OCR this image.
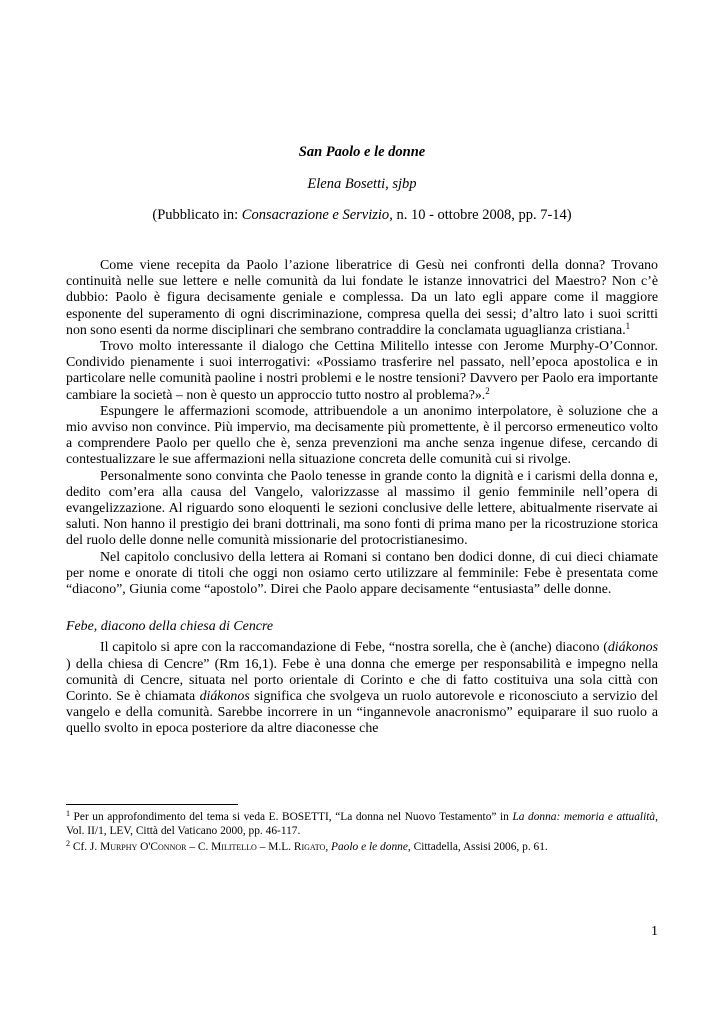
San Paolo e le donne
Elena Bosetti, sjbp
(Pubblicato in: Consacrazione e Servizio, n. 10 - ottobre 2008, pp. 7-14)

Come viene recepita da Paolo l’azione liberatrice di Gesù nei confronti della donna? Trovano continuità nelle sue lettere e nelle comunità da lui fondate le istanze innovatrici del Maestro? Non c’è dubbio: Paolo è figura decisamente geniale e complessa. Da un lato egli appare come il maggiore esponente del superamento di ogni discriminazione, compresa quella dei sessi; d’altro lato i suoi scritti non sono esenti da norme disciplinari che sembrano contraddire la conclamata uguaglianza cristiana.$^1$

Trovo molto interessante il dialogo che Cettina Militello intesse con Jerome Murphy-O’Connor. Condivido pienamente i suoi interrogativi: «Possiamo trasferire nel passato, nell’epoca apostolica e in particolare nelle comunità paoline i nostri problemi e le nostre tensioni? Davvero per Paolo era importante cambiare la società – non è questo un approccio tutto nostro al problema?».$^2$

Espungere le affermazioni scomode, attribuendole a un anonimo interpolatore, è soluzione che a mio avviso non convince. Più impervio, ma decisamente più promettente, è il percorso ermeneutico volto a comprendere Paolo per quello che è, senza prevenzioni ma anche senza ingenue difese, cercando di contestualizzare le sue affermazioni nella situazione concreta delle comunità cui si rivolge.

Personalmente sono convinta che Paolo tenesse in grande conto la dignità e i carismi della donna e, dedito com’era alla causa del Vangelo, valorizzasse al massimo il genio femminile nell’opera di evangelizzazione. Al riguardo sono eloquenti le sezioni conclusive delle lettere, abitualmente riservate ai saluti. Non hanno il prestigio dei brani dottrinali, ma sono fonti di prima mano per la ricostruzione storica del ruolo delle donne nelle comunità missionarie del protocristianesimo.

Nel capitolo conclusivo della lettera ai Romani si contano ben dodici donne, di cui dieci chiamate per nome e onorate di titoli che oggi non osiamo certo utilizzare al femminile: Febe è presentata come “diacono”, Giunia come “apostolo”. Direi che Paolo appare decisamente “entusiasta” delle donne.

Febe, diacono della chiesa di Cencre

Il capitolo si apre con la raccomandazione di Febe, “nostra sorella, che è (anche) diacono (diákonos ) della chiesa di Cencre” (Rm 16,1). Febe è una donna che emerge per responsabilità e impegno nella comunità di Cencre, situata nel porto orientale di Corinto e che di fatto costituiva una sola città con Corinto. Se è chiamata diákonos significa che svolgeva un ruolo autorevole e riconosciuto a servizio del vangelo e della comunità. Sarebbe incorrere in un “ingannevole anacronismo” equiparare il suo ruolo a quello svolto in epoca posteriore da altre diaconesse che

$^1$ Per un approfondimento del tema si veda E. BOSETTI, “La donna nel Nuovo Testamento” in La donna: memoria e attualità, Vol. II/1, LEV, Città del Vaticano 2000, pp. 46-117.

$^2$ Cf. J. Murphy O'Connor – C. Militello – M.L. Rigato, Paolo e le donne, Cittadella, Assisi 2006, p. 61.

1
